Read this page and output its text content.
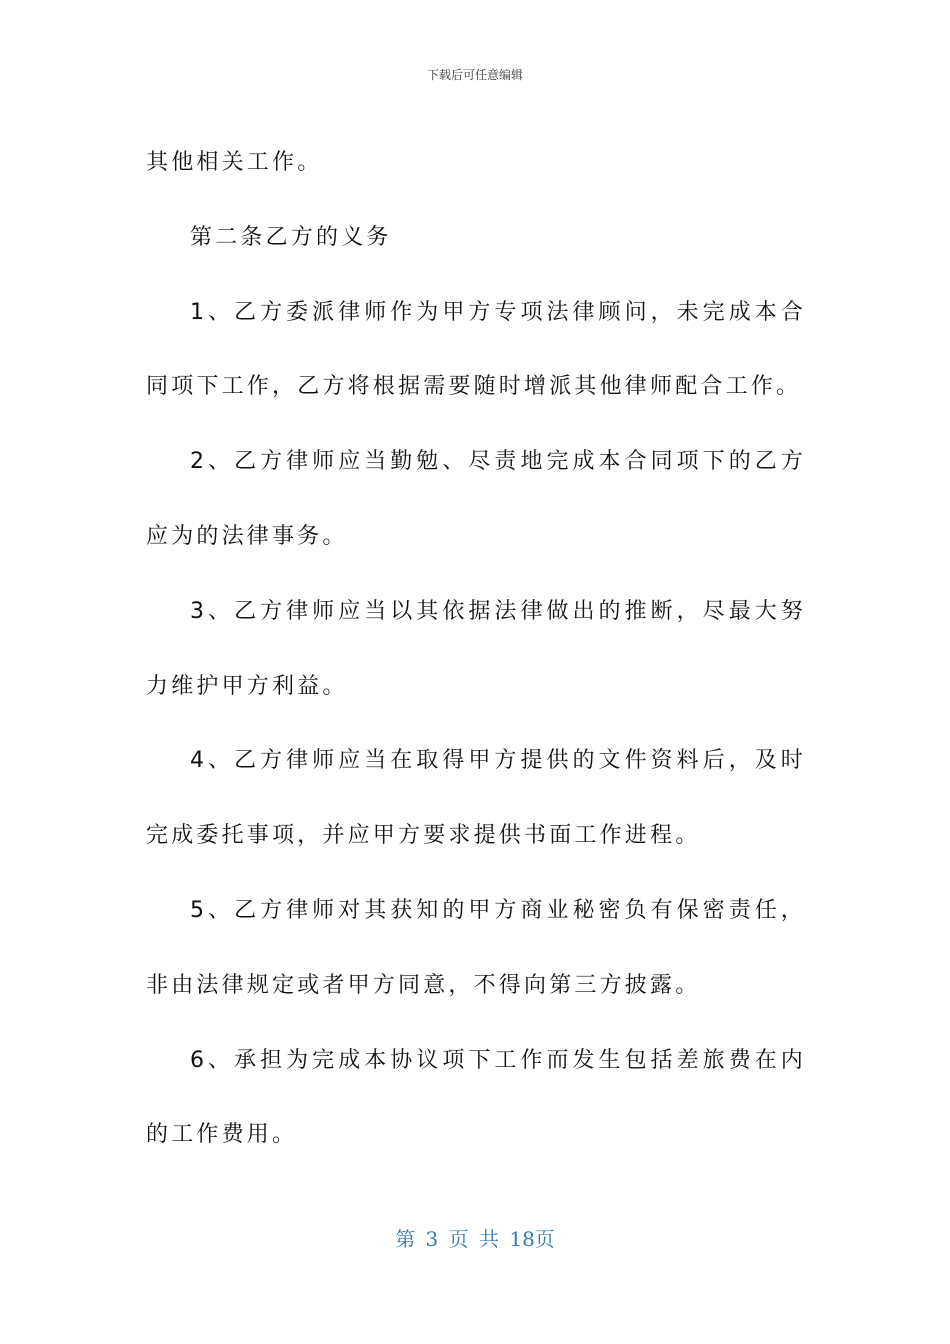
下载后可任意编辑

其他相关工作。

第二条乙方的义务

1、乙方委派律师作为甲方专项法律顾问，未完成本合同项下工作，乙方将根据需要随时增派其他律师配合工作。

2、乙方律师应当勤勉、尽责地完成本合同项下的乙方应为的法律事务。

3、乙方律师应当以其依据法律做出的推断，尽最大努力维护甲方利益。

4、乙方律师应当在取得甲方提供的文件资料后，及时完成委托事项，并应甲方要求提供书面工作进程。

5、乙方律师对其获知的甲方商业秘密负有保密责任，非由法律规定或者甲方同意，不得向第三方披露。

6、承担为完成本协议项下工作而发生包括差旅费在内的工作费用。

第 3 页 共 18页
